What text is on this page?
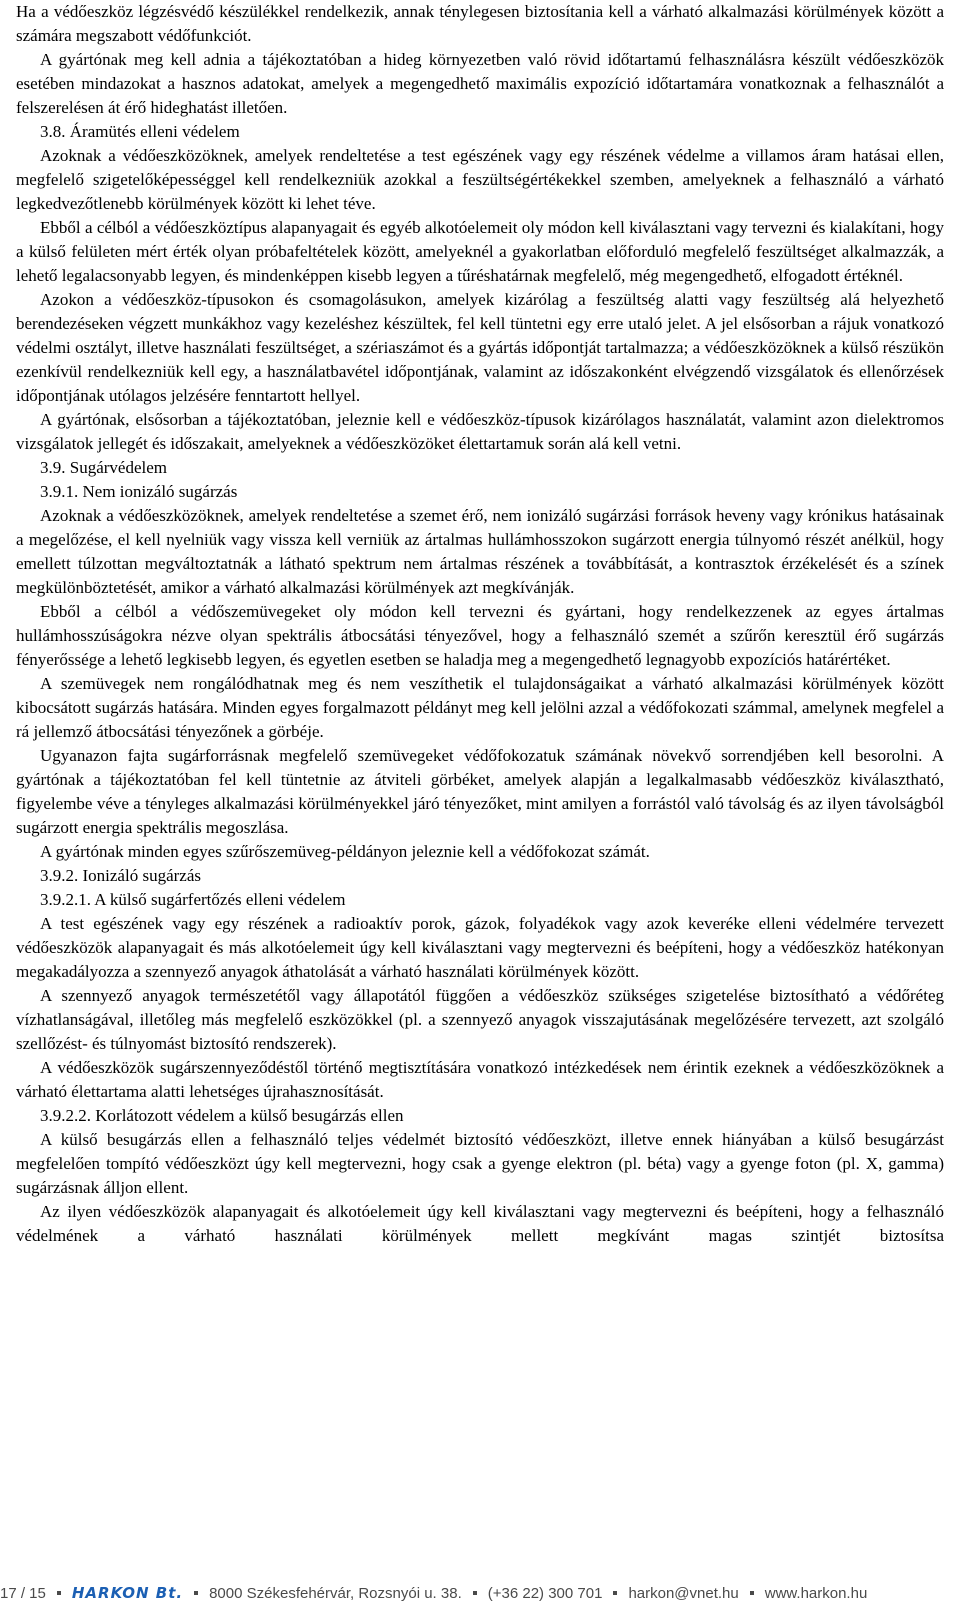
Ha a védőeszköz légzésvédő készülékkel rendelkezik, annak ténylegesen biztosítania kell a várható alkalmazási körülmények között a számára megszabott védőfunkciót.

A gyártónak meg kell adnia a tájékoztatóban a hideg környezetben való rövid időtartamú felhasználásra készült védőeszközök esetében mindazokat a hasznos adatokat, amelyek a megengedhető maximális expozíció időtartamára vonatkoznak a felhasználót a felszerelésen át érő hideghatást illetően.

3.8. Áramütés elleni védelem

Azoknak a védőeszközöknek, amelyek rendeltetése a test egészének vagy egy részének védelme a villamos áram hatásai ellen, megfelelő szigetelőképességgel kell rendelkezniük azokkal a feszültségértékekkel szemben, amelyeknek a felhasználó a várható legkedvezőtlenebb körülmények között ki lehet téve.

Ebből a célból a védőeszköztípus alapanyagait és egyéb alkotóelemeit oly módon kell kiválasztani vagy tervezni és kialakítani, hogy a külső felületen mért érték olyan próbafeltételek között, amelyeknél a gyakorlatban előforduló megfelelő feszültséget alkalmazzák, a lehető legalacsonyabb legyen, és mindenképpen kisebb legyen a tűréshatárnak megfelelő, még megengedhető, elfogadott értéknél.

Azokon a védőeszköz-típusokon és csomagolásukon, amelyek kizárólag a feszültség alatti vagy feszültség alá helyezhető berendezéseken végzett munkákhoz vagy kezeléshez készültek, fel kell tüntetni egy erre utaló jelet. A jel elsősorban a rájuk vonatkozó védelmi osztályt, illetve használati feszültséget, a szériaszámot és a gyártás időpontját tartalmazza; a védőeszközöknek a külső részükön ezenkívül rendelkezniük kell egy, a használatbavétel időpontjának, valamint az időszakonként elvégzendő vizsgálatok és ellenőrzések időpontjának utólagos jelzésére fenntartott hellyel.

A gyártónak, elsősorban a tájékoztatóban, jeleznie kell e védőeszköz-típusok kizárólagos használatát, valamint azon dielektromos vizsgálatok jellegét és időszakait, amelyeknek a védőeszközöket élettartamuk során alá kell vetni.

3.9. Sugárvédelem

3.9.1. Nem ionizáló sugárzás

Azoknak a védőeszközöknek, amelyek rendeltetése a szemet érő, nem ionizáló sugárzási források heveny vagy krónikus hatásainak a megelőzése, el kell nyelniük vagy vissza kell verniük az ártalmas hullámhosszokon sugárzott energia túlnyomó részét anélkül, hogy emellett túlzottan megváltoztatnák a látható spektrum nem ártalmas részének a továbbítását, a kontrasztok érzékelését és a színek megkülönböztetését, amikor a várható alkalmazási körülmények azt megkívánják.

Ebből a célból a védőszemüvegeket oly módon kell tervezni és gyártani, hogy rendelkezzenek az egyes ártalmas hullámhosszúságokra nézve olyan spektrális átbocsátási tényezővel, hogy a felhasználó szemét a szűrőn keresztül érő sugárzás fényerőssége a lehető legkisebb legyen, és egyetlen esetben se haladja meg a megengedhető legnagyobb expozíciós határértéket.

A szemüvegek nem rongálódhatnak meg és nem veszíthetik el tulajdonságaikat a várható alkalmazási körülmények között kibocsátott sugárzás hatására. Minden egyes forgalmazott példányt meg kell jelölni azzal a védőfokozati számmal, amelynek megfelel a rá jellemző átbocsátási tényezőnek a görbéje.

Ugyanazon fajta sugárforrásnak megfelelő szemüvegeket védőfokozatuk számának növekvő sorrendjében kell besorolni. A gyártónak a tájékoztatóban fel kell tüntetnie az átviteli görbéket, amelyek alapján a legalkalmasabb védőeszköz kiválasztható, figyelembe véve a tényleges alkalmazási körülményekkel járó tényezőket, mint amilyen a forrástól való távolság és az ilyen távolságból sugárzott energia spektrális megoszlása.

A gyártónak minden egyes szűrőszemüveg-példányon jeleznie kell a védőfokozat számát.

3.9.2. Ionizáló sugárzás

3.9.2.1. A külső sugárfertőzés elleni védelem

A test egészének vagy egy részének a radioaktív porok, gázok, folyadékok vagy azok keveréke elleni védelmére tervezett védőeszközök alapanyagait és más alkotóelemeit úgy kell kiválasztani vagy megtervezni és beépíteni, hogy a védőeszköz hatékonyan megakadályozza a szennyező anyagok áthatolását a várható használati körülmények között.

A szennyező anyagok természetétől vagy állapotától függően a védőeszköz szükséges szigetelése biztosítható a védőréteg vízhatlanságával, illetőleg más megfelelő eszközökkel (pl. a szennyező anyagok visszajutásának megelőzésére tervezett, azt szolgáló szellőzést- és túlnyomást biztosító rendszerek).

A védőeszközök sugárszennyeződéstől történő megtisztítására vonatkozó intézkedések nem érintik ezeknek a védőeszközöknek a várható élettartama alatti lehetséges újrahasznosítását.

3.9.2.2. Korlátozott védelem a külső besugárzás ellen

A külső besugárzás ellen a felhasználó teljes védelmét biztosító védőeszközt, illetve ennek hiányában a külső besugárzást megfelelően tompító védőeszközt úgy kell megtervezni, hogy csak a gyenge elektron (pl. béta) vagy a gyenge foton (pl. X, gamma) sugárzásnak álljon ellent.

Az ilyen védőeszközök alapanyagait és alkotóelemeit úgy kell kiválasztani vagy megtervezni és beépíteni, hogy a felhasználó védelmének a várható használati körülmények mellett megkívánt magas szintjét biztosítsa

17 / 15 HARKON Bt. 8000 Székesfehérvár, Rozsnyói u. 38. (+36 22) 300 701 harkon@vnet.hu www.harkon.hu
